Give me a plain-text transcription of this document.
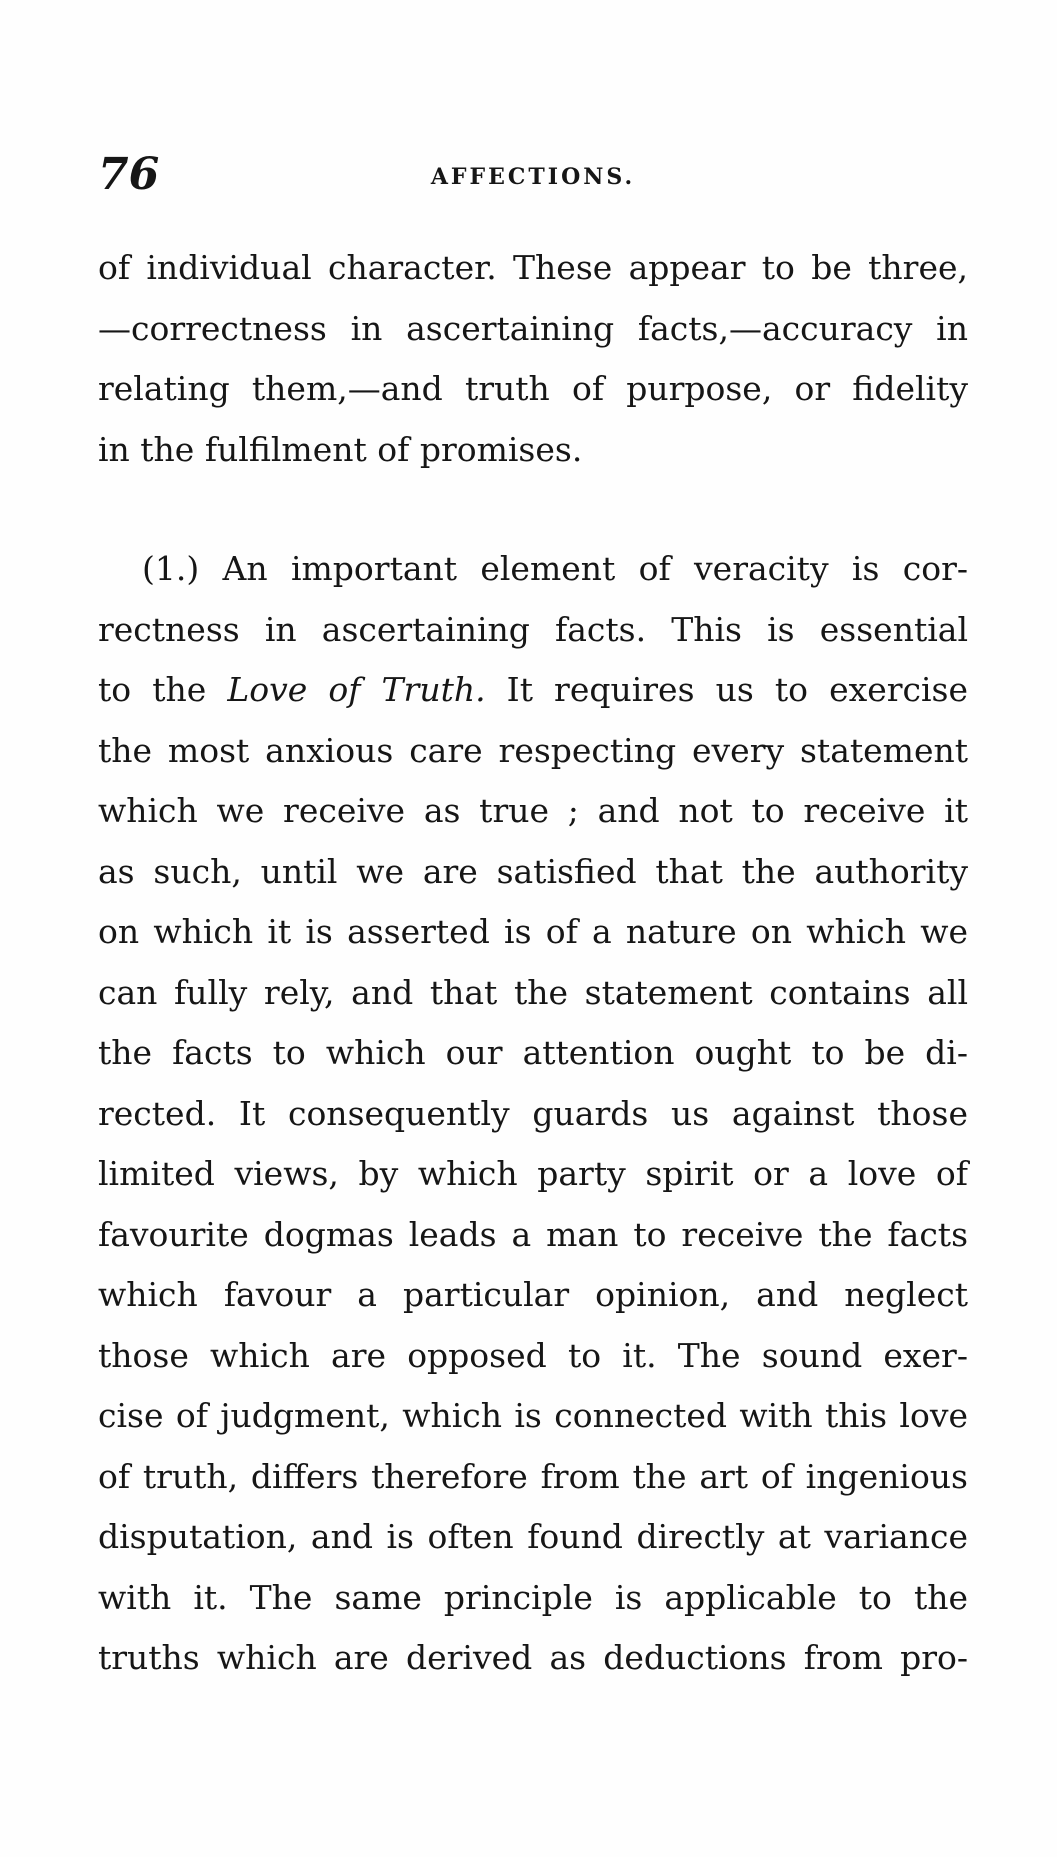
76	AFFECTIONS.
of individual character. These appear to be three,
—correctness in ascertaining facts,—accuracy in
relating them,—and truth of purpose, or fidelity
in the fulfilment of promises.
(1.) An important element of veracity is cor-
rectness in ascertaining facts. This is essential
to the Love of Truth. It requires us to exercise
the most anxious care respecting every statement
which we receive as true ; and not to receive it
as such, until we are satisfied that the authority
on which it is asserted is of a nature on which we
can fully rely, and that the statement contains all
the facts to which our attention ought to be di-
rected. It consequently guards us against those
limited views, by which party spirit or a love of
favourite dogmas leads a man to receive the facts
which favour a particular opinion, and neglect
those which are opposed to it. The sound exer-
cise of judgment, which is connected with this love
of truth, differs therefore from the art of ingenious
disputation, and is often found directly at variance
with it. The same principle is applicable to the
truths which are derived as deductions from pro-
